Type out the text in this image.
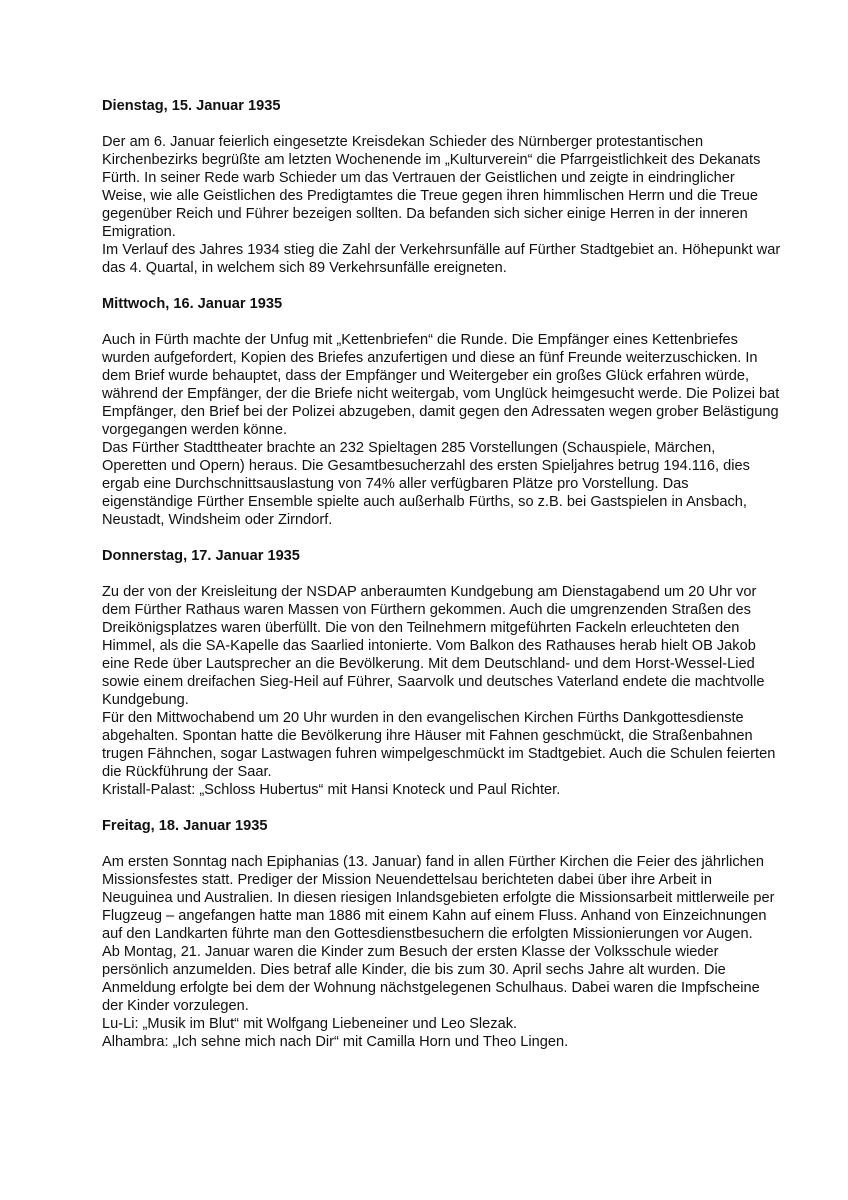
Dienstag, 15. Januar 1935

Der am 6. Januar feierlich eingesetzte Kreisdekan Schieder des Nürnberger protestantischen Kirchenbezirks begrüßte am letzten Wochenende im „Kulturverein“ die Pfarrgeistlichkeit des Dekanats Fürth. In seiner Rede warb Schieder um das Vertrauen der Geistlichen und zeigte in eindringlicher Weise, wie alle Geistlichen des Predigtamtes die Treue gegen ihren himmlischen Herrn und die Treue gegenüber Reich und Führer bezeigen sollten. Da befanden sich sicher einige Herren in der inneren Emigration.

Im Verlauf des Jahres 1934 stieg die Zahl der Verkehrsunfälle auf Fürther Stadtgebiet an. Höhepunkt war das 4. Quartal, in welchem sich 89 Verkehrsunfälle ereigneten.

Mittwoch, 16. Januar 1935

Auch in Fürth machte der Unfug mit „Kettenbriefen“ die Runde. Die Empfänger eines Kettenbriefes wurden aufgefordert, Kopien des Briefes anzufertigen und diese an fünf Freunde weiterzuschicken. In dem Brief wurde behauptet, dass der Empfänger und Weitergeber ein großes Glück erfahren würde, während der Empfänger, der die Briefe nicht weitergab, vom Unglück heimgesucht werde. Die Polizei bat Empfänger, den Brief bei der Polizei abzugeben, damit gegen den Adressaten wegen grober Belästigung vorgegangen werden könne.

Das Fürther Stadttheater brachte an 232 Spieltagen 285 Vorstellungen (Schauspiele, Märchen, Operetten und Opern) heraus. Die Gesamtbesucherzahl des ersten Spieljahres betrug 194.116, dies ergab eine Durchschnittsauslastung von 74% aller verfügbaren Plätze pro Vorstellung. Das eigenständige Fürther Ensemble spielte auch außerhalb Fürths, so z.B. bei Gastspielen in Ansbach, Neustadt, Windsheim oder Zirndorf.

Donnerstag, 17. Januar 1935

Zu der von der Kreisleitung der NSDAP anberaumten Kundgebung am Dienstagabend um 20 Uhr vor dem Fürther Rathaus waren Massen von Fürthern gekommen. Auch die umgrenzenden Straßen des Dreikönigsplatzes waren überfüllt. Die von den Teilnehmern mitgeführten Fackeln erleuchteten den Himmel, als die SA-Kapelle das Saarlied intonierte. Vom Balkon des Rathauses herab hielt OB Jakob eine Rede über Lautsprecher an die Bevölkerung. Mit dem Deutschland- und dem Horst-Wessel-Lied sowie einem dreifachen Sieg-Heil auf Führer, Saarvolk und deutsches Vaterland endete die machtvolle Kundgebung.

Für den Mittwochabend um 20 Uhr wurden in den evangelischen Kirchen Fürths Dankgottesdienste abgehalten. Spontan hatte die Bevölkerung ihre Häuser mit Fahnen geschmückt, die Straßenbahnen trugen Fähnchen, sogar Lastwagen fuhren wimpelgeschmückt im Stadtgebiet. Auch die Schulen feierten die Rückführung der Saar.

Kristall-Palast: „Schloss Hubertus“ mit Hansi Knoteck und Paul Richter.

Freitag, 18. Januar 1935

Am ersten Sonntag nach Epiphanias (13. Januar) fand in allen Fürther Kirchen die Feier des jährlichen Missionsfestes statt. Prediger der Mission Neuendettelsau berichteten dabei über ihre Arbeit in Neuguinea und Australien. In diesen riesigen Inlandsgebieten erfolgte die Missionsarbeit mittlerweile per Flugzeug – angefangen hatte man 1886 mit einem Kahn auf einem Fluss. Anhand von Einzeichnungen auf den Landkarten führte man den Gottesdienstbesuchern die erfolgten Missionierungen vor Augen.

Ab Montag, 21. Januar waren die Kinder zum Besuch der ersten Klasse der Volksschule wieder persönlich anzumelden. Dies betraf alle Kinder, die bis zum 30. April sechs Jahre alt wurden. Die Anmeldung erfolgte bei dem der Wohnung nächstgelegenen Schulhaus. Dabei waren die Impfscheine der Kinder vorzulegen.

Lu-Li: „Musik im Blut“ mit Wolfgang Liebeneiner und Leo Slezak.

Alhambra: „Ich sehne mich nach Dir“ mit Camilla Horn und Theo Lingen.
